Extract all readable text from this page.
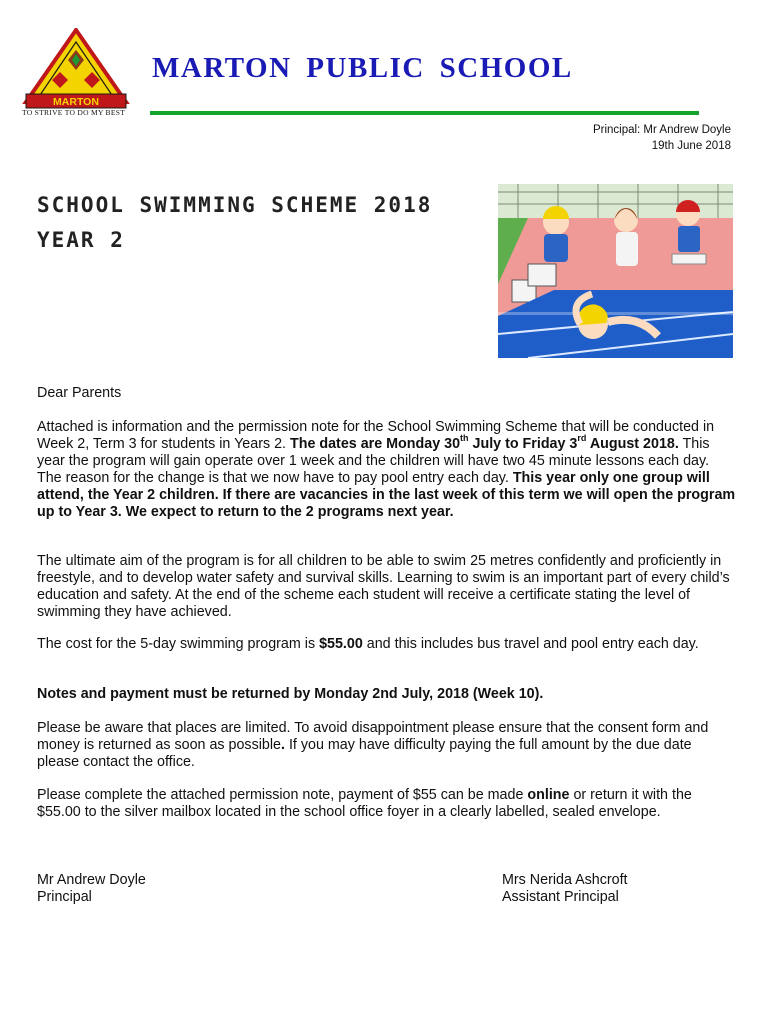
MARTON
TO STRIVE TO DO MY BEST
MARTON PUBLIC SCHOOL
Principal: Mr Andrew Doyle
19th June 2018
SCHOOL SWIMMING SCHEME 2018
YEAR 2
Dear Parents

Attached is information and the permission note for the School Swimming Scheme that will be conducted in Week 2, Term 3 for students in Years 2. The dates are Monday 30th July to Friday 3rd August 2018. This year the program will gain operate over 1 week and the children will have two 45 minute lessons each day. The reason for the change is that we now have to pay pool entry each day. This year only one group will attend, the Year 2 children. If there are vacancies in the last week of this term we will open the program up to Year 3. We expect to return to the 2 programs next year.

The ultimate aim of the program is for all children to be able to swim 25 metres confidently and proficiently in freestyle, and to develop water safety and survival skills. Learning to swim is an important part of every child’s education and safety. At the end of the scheme each student will receive a certificate stating the level of swimming they have achieved.

The cost for the 5-day swimming program is $55.00 and this includes bus travel and pool entry each day.

Notes and payment must be returned by Monday 2nd July, 2018 (Week 10).

Please be aware that places are limited. To avoid disappointment please ensure that the consent form and money is returned as soon as possible. If you may have difficulty paying the full amount by the due date please contact the office.

Please complete the attached permission note, payment of $55 can be made online or return it with the $55.00 to the silver mailbox located in the school office foyer in a clearly labelled, sealed envelope.

Mr Andrew Doyle
Principal
Mrs Nerida Ashcroft
Assistant Principal
